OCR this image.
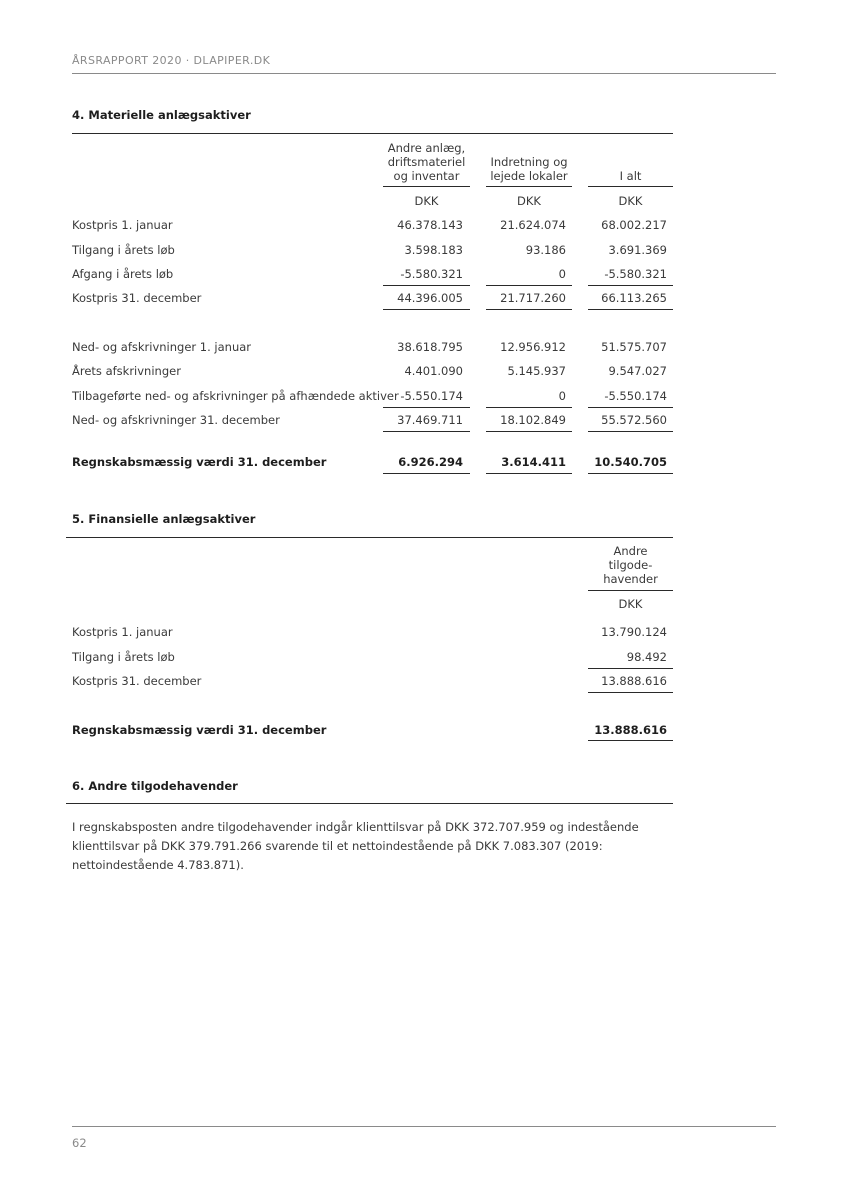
ÅRSRAPPORT 2020 · DLAPIPER.DK
4. Materielle anlægsaktiver
Andre anlæg,
driftsmateriel
og inventar
Indretning og
lejede lokaler	I alt
DKK	DKK	DKK
Kostpris 1. januar	46.378.143	21.624.074	68.002.217
Tilgang i årets løb	3.598.183	93.186	3.691.369
Afgang i årets løb	-5.580.321	0	-5.580.321
Kostpris 31. december	44.396.005	21.717.260	66.113.265
Ned- og afskrivninger 1. januar	38.618.795	12.956.912	51.575.707
Årets afskrivninger	4.401.090	5.145.937	9.547.027
Tilbageførte ned- og afskrivninger på afhændede aktiver -5.550.174	0	-5.550.174
Ned- og afskrivninger 31. december	37.469.711	18.102.849	55.572.560
Regnskabsmæssig værdi 31. december	6.926.294	3.614.411	10.540.705
5. Finansielle anlægsaktiver
Andre
tilgode-
havender
DKK
Kostpris 1. januar	13.790.124
Tilgang i årets løb	98.492
Kostpris 31. december	13.888.616
Regnskabsmæssig værdi 31. december	13.888.616
6. Andre tilgodehavender
I regnskabsposten andre tilgodehavender indgår klienttilsvar på DKK 372.707.959 og indestående klienttilsvar på DKK 379.791.266 svarende til et nettoindestående på DKK 7.083.307 (2019: nettoindestående 4.783.871).
62
